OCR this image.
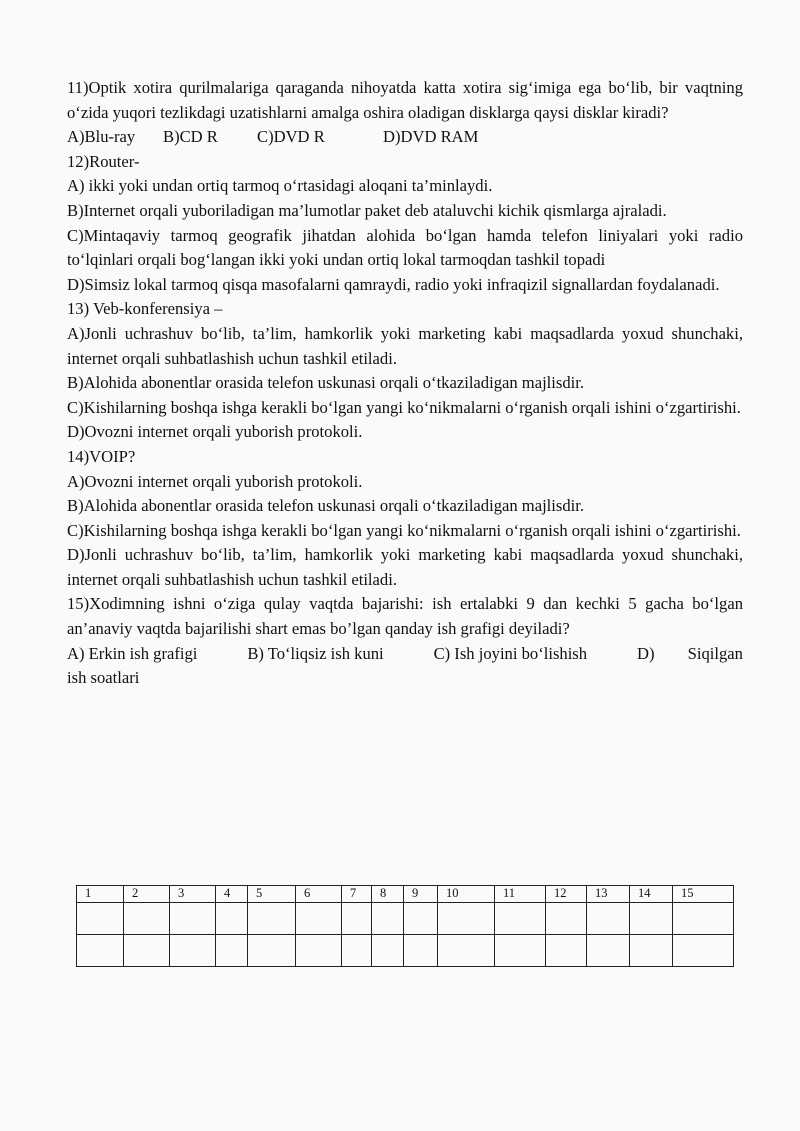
11)Optik xotira qurilmalariga qaraganda nihoyatda katta xotira sig‘imiga ega bo‘lib, bir vaqtning o‘zida yuqori tezlikdagi uzatishlarni amalga oshira oladigan disklarga qaysi disklar kiradi?

A)Blu-ray	B)CD R	C)DVD R	D)DVD RAM

12)Router-

A) ikki yoki undan ortiq tarmoq o‘rtasidagi aloqani ta’minlaydi.

B)Internet orqali yuboriladigan ma’lumotlar paket deb ataluvchi kichik qismlarga ajraladi.

C)Mintaqaviy tarmoq geografik jihatdan alohida bo‘lgan hamda telefon liniyalari yoki radio to‘lqinlari orqali bog‘langan ikki yoki undan ortiq lokal tarmoqdan tashkil topadi

D)Simsiz lokal tarmoq qisqa masofalarni qamraydi, radio yoki infraqizil signallardan foydalanadi.

13) Veb-konferensiya –

A)Jonli uchrashuv bo‘lib, ta’lim, hamkorlik yoki marketing kabi maqsadlarda yoxud shunchaki, internet orqali suhbatlashish uchun tashkil etiladi.

B)Alohida abonentlar orasida telefon uskunasi orqali o‘tkaziladigan majlisdir.

C)Kishilarning boshqa ishga kerakli bo‘lgan yangi ko‘nikmalarni o‘rganish orqali ishini o‘zgartirishi.

D)Ovozni internet orqali yuborish protokoli.

14)VOIP?

A)Ovozni internet orqali yuborish protokoli.

B)Alohida abonentlar orasida telefon uskunasi orqali o‘tkaziladigan majlisdir.

C)Kishilarning boshqa ishga kerakli bo‘lgan yangi ko‘nikmalarni o‘rganish orqali ishini o‘zgartirishi.

D)Jonli uchrashuv bo‘lib, ta’lim, hamkorlik yoki marketing kabi maqsadlarda yoxud shunchaki, internet orqali suhbatlashish uchun tashkil etiladi.

15)Xodimning ishni o‘ziga qulay vaqtda bajarishi: ish ertalabki 9 dan kechki 5 gacha bo‘lgan an’anaviy vaqtda bajarilishi shart emas bo’lgan qanday ish grafigi deyiladi?

A) Erkin ish grafigi	B) To‘liqsiz ish kuni	C) Ish joyini bo‘lishish	D) Siqilgan

ish soatlari

1	2	3	4	5	6	7	8	9	10	11	12	13	14	15
